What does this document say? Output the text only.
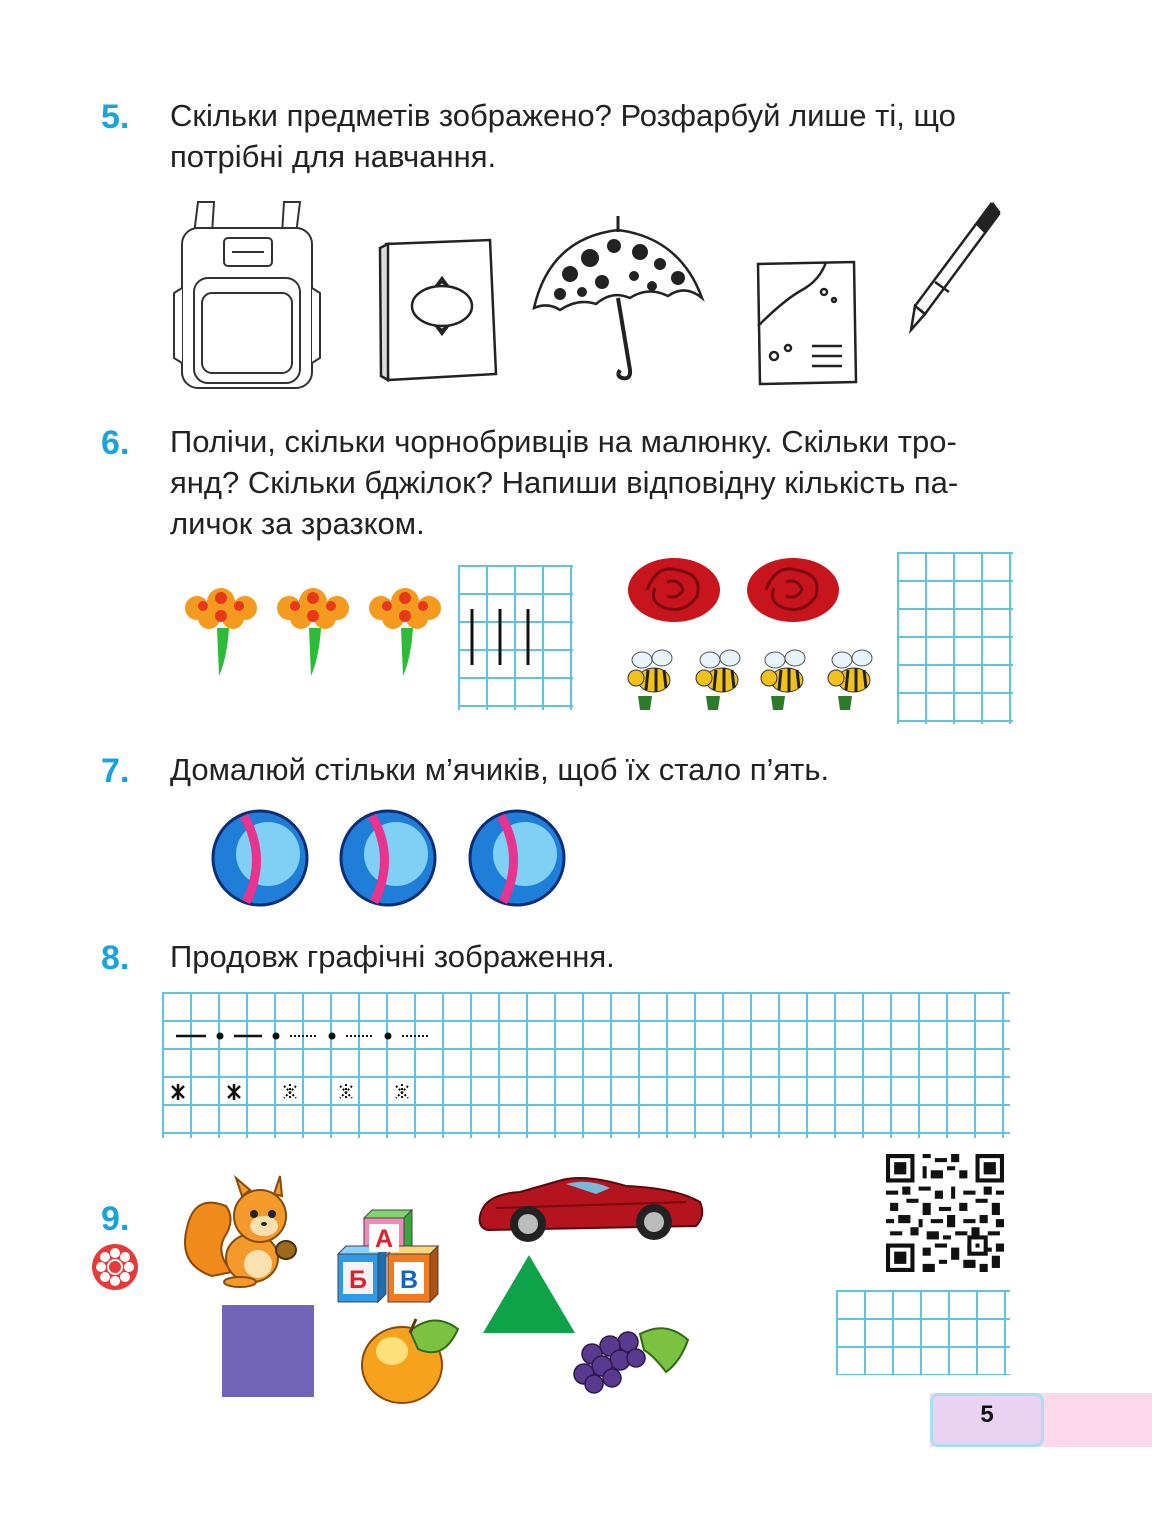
5. Скільки предметів зображено? Розфарбуй лише ті, що
потрібні для навчання.
6. Полічи, скільки чорнобривців на малюнку. Скільки тро-
янд? Скільки бджілок? Напиши відповідну кількість па-
личок за зразком.
7. Домалюй стільки м’ячиків, щоб їх стало п’ять.
8. Продовж графічні зображення.
9.
А
Б В
5
